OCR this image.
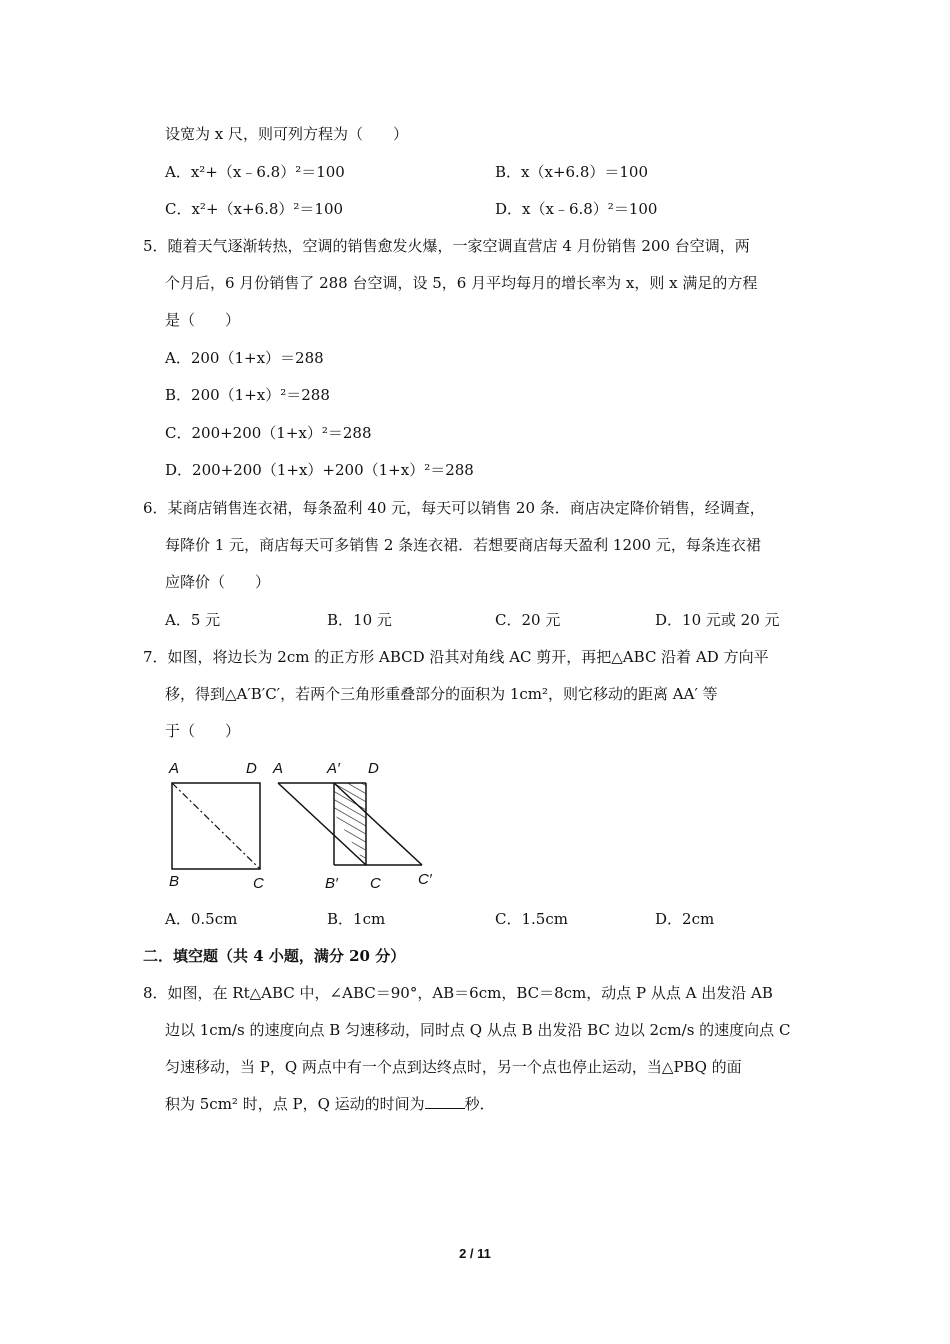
设宽为 x 尺，则可列方程为（　　）
A．x²+（x﹣6.8）²＝100	B．x（x+6.8）＝100
C．x²+（x+6.8）²＝100	D．x（x﹣6.8）²＝100
5．随着天气逐渐转热，空调的销售愈发火爆，一家空调直营店 4 月份销售 200 台空调，两
个月后，6 月份销售了 288 台空调，设 5，6 月平均每月的增长率为 x，则 x 满足的方程
是（　　）
A．200（1+x）＝288
B．200（1+x）²＝288
C．200+200（1+x）²＝288
D．200+200（1+x）+200（1+x）²＝288
6．某商店销售连衣裙，每条盈利 40 元，每天可以销售 20 条．商店决定降价销售，经调查，
每降价 1 元，商店每天可多销售 2 条连衣裙．若想要商店每天盈利 1200 元，每条连衣裙
应降价（　　）
A．5 元	B．10 元	C．20 元	D．10 元或 20 元
7．如图，将边长为 2cm 的正方形 ABCD 沿其对角线 AC 剪开，再把△ABC 沿着 AD 方向平
移，得到△A′B′C′，若两个三角形重叠部分的面积为 1cm²，则它移动的距离 AA′ 等
于（　　）
A	D
B	C
A	A′ D
B′ C C′
A．0.5cm	B．1cm	C．1.5cm	D．2cm
二．填空题（共 4 小题，满分 20 分）
8．如图，在 Rt△ABC 中，∠ABC＝90°，AB＝6cm，BC＝8cm，动点 P 从点 A 出发沿 AB
边以 1cm/s 的速度向点 B 匀速移动，同时点 Q 从点 B 出发沿 BC 边以 2cm/s 的速度向点 C
匀速移动，当 P，Q 两点中有一个点到达终点时，另一个点也停止运动，当△PBQ 的面
积为 5cm² 时，点 P，Q 运动的时间为	秒．
2 / 11
